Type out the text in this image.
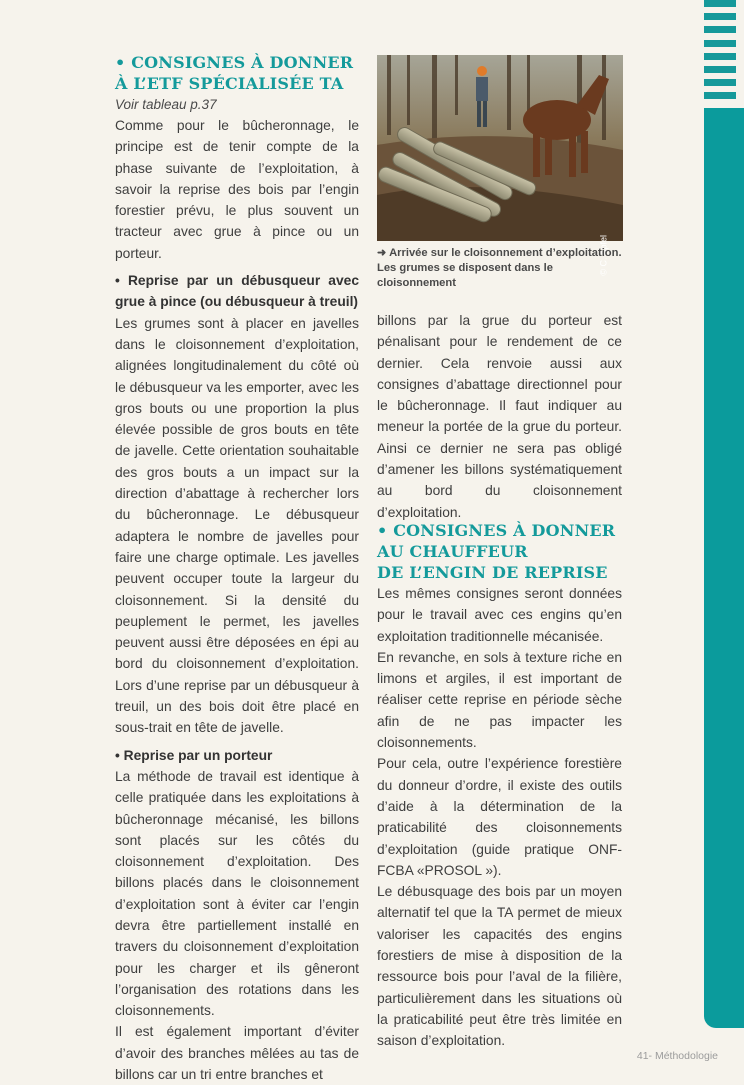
• CONSIGNES À DONNER
À L’ETF SPÉCIALISÉE TA

Voir tableau p.37

Comme pour le bûcheronnage, le principe est de tenir compte de la phase suivante de l’exploitation, à savoir la reprise des bois par l’engin forestier prévu, le plus souvent un tracteur avec grue à pince ou un porteur.

• Reprise par un débusqueur avec grue à pince (ou débusqueur à treuil)

Les grumes sont à placer en javelles dans le cloisonnement d’exploitation, alignées longitudinalement du côté où le débusqueur va les emporter, avec les gros bouts ou une proportion la plus élevée possible de gros bouts en tête de javelle. Cette orientation souhaitable des gros bouts a un impact sur la direction d’abattage à rechercher lors du bûcheronnage. Le débusqueur adaptera le nombre de javelles pour faire une charge optimale. Les javelles peuvent occuper toute la largeur du cloisonnement. Si la densité du peuplement le permet, les javelles peuvent aussi être déposées en épi au bord du cloisonnement d’exploitation. Lors d’une reprise par un débusqueur à treuil, un des bois doit être placé en sous-trait en tête de javelle.

• Reprise par un porteur

La méthode de travail est identique à celle pratiquée dans les exploitations à bûcheronnage mécanisé, les billons sont placés sur les côtés du cloisonnement d’exploitation. Des billons placés dans le cloisonnement d’exploitation sont à éviter car l’engin devra être partiellement installé en travers du cloisonnement d’exploitation pour les charger et ils gêneront l’organisation des rotations dans les cloisonnements.

Il est également important d’éviter d’avoir des branches mêlées au tas de billons car un tri entre branches et

© C. Apfel
➜ Arrivée sur le cloisonnement d’exploitation. Les grumes se disposent dans le cloisonnement

billons par la grue du porteur est pénalisant pour le rendement de ce dernier. Cela renvoie aussi aux consignes d’abattage directionnel pour le bûcheronnage. Il faut indiquer au meneur la portée de la grue du porteur. Ainsi ce dernier ne sera pas obligé d’amener les billons systématiquement au bord du cloisonnement d’exploitation.

• CONSIGNES À DONNER
AU CHAUFFEUR
DE L’ENGIN DE REPRISE

Les mêmes consignes seront données pour le travail avec ces engins qu’en exploitation traditionnelle mécanisée.

En revanche, en sols à texture riche en limons et argiles, il est important de réaliser cette reprise en période sèche afin de ne pas impacter les cloisonnements.

Pour cela, outre l’expérience forestière du donneur d’ordre, il existe des outils d’aide à la détermination de la praticabilité des cloisonnements d’exploitation (guide pratique ONF-FCBA «PROSOL »).

Le débusquage des bois par un moyen alternatif tel que la TA permet de mieux valoriser les capacités des engins forestiers de mise à disposition de la ressource bois pour l’aval de la filière, particulièrement dans les situations où la praticabilité peut être très limitée en saison d’exploitation.

41- Méthodologie
